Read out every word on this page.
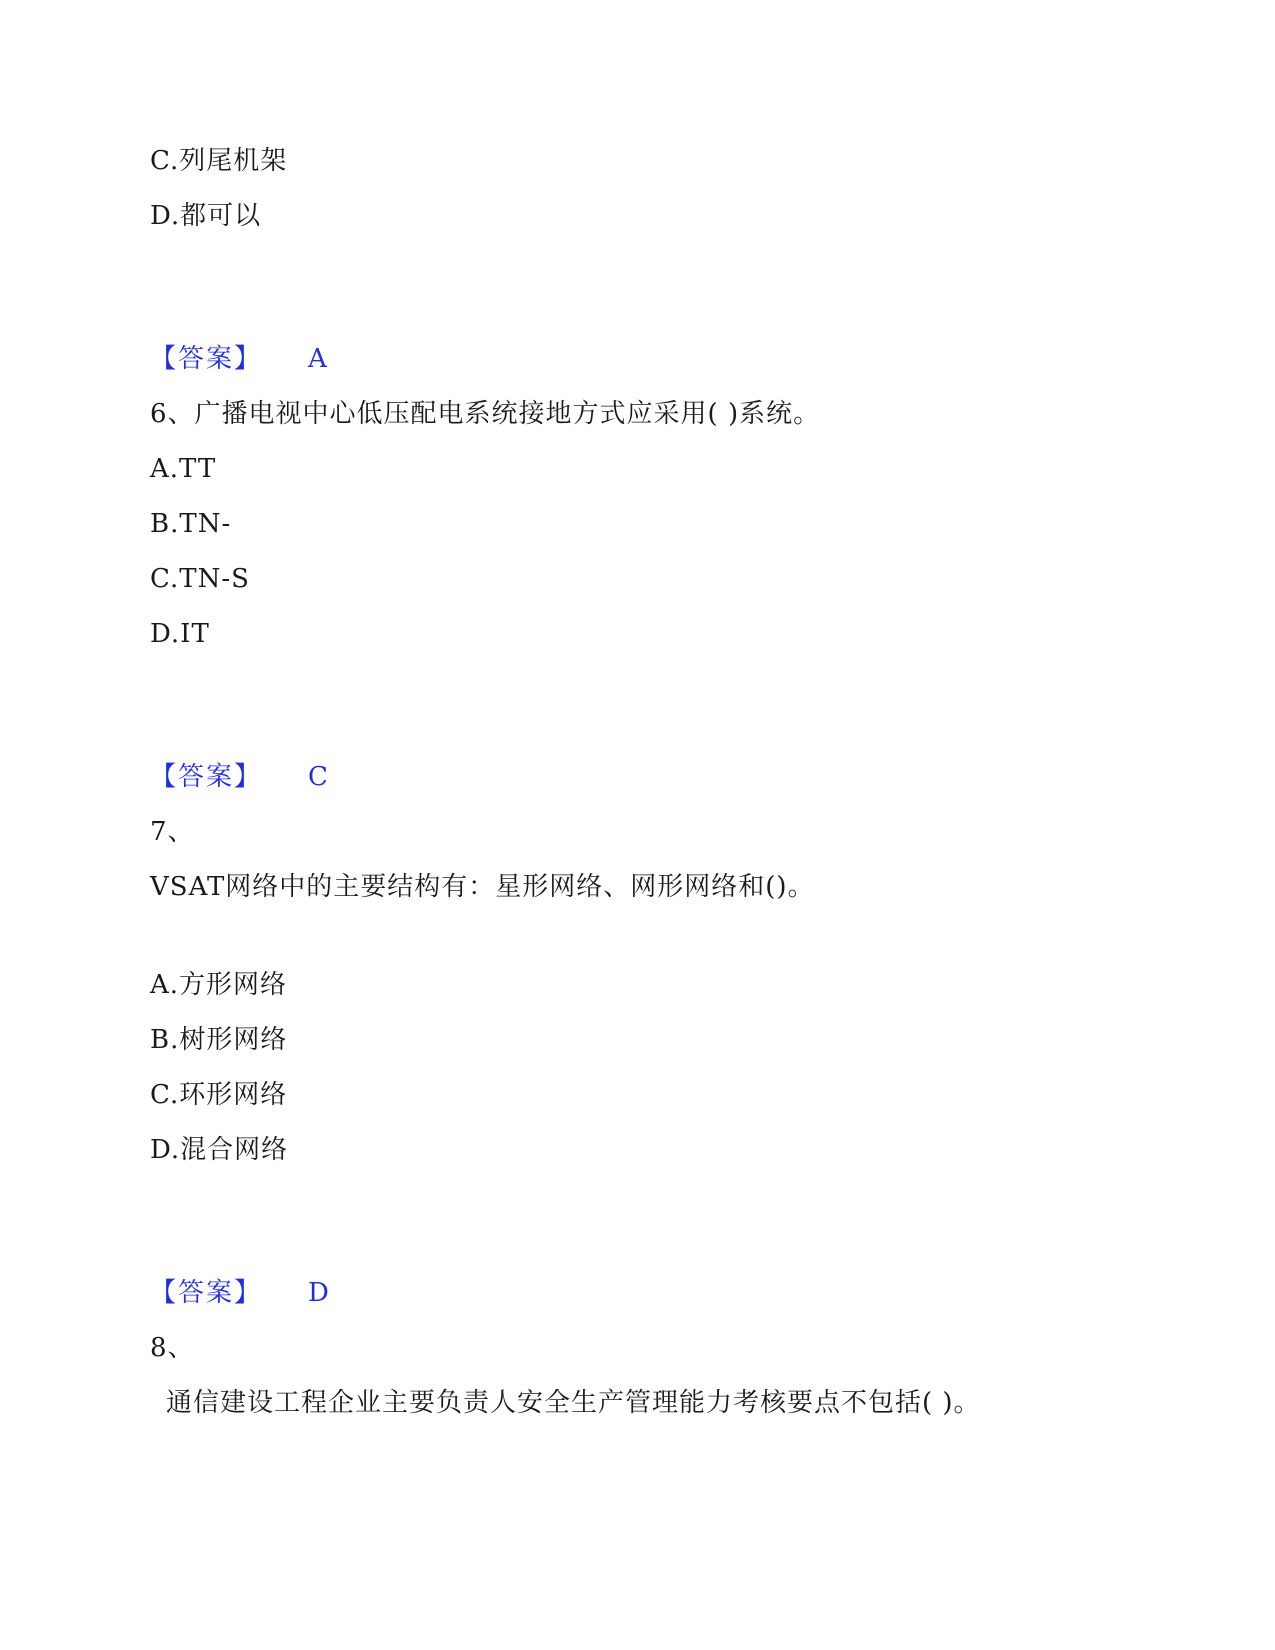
C.列尾机架
D.都可以
【答案】 A
6、广播电视中心低压配电系统接地方式应采用( )系统。
A.TT
B.TN-
C.TN-S
D.IT
【答案】 C
7、
VSAT网络中的主要结构有：星形网络、网形网络和()。
A.方形网络
B.树形网络
C.环形网络
D.混合网络
【答案】 D
8、
通信建设工程企业主要负责人安全生产管理能力考核要点不包括( )。
